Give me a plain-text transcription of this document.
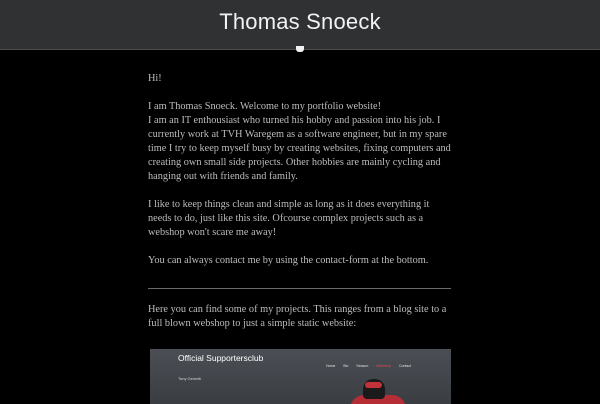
Thomas Snoeck

Hi!

I am Thomas Snoeck. Welcome to my portfolio website!
I am an IT enthousiast who turned his hobby and passion into his job. I currently work at TVH Waregem as a software engineer, but in my spare time I try to keep myself busy by creating websites, fixing computers and creating own small side projects. Other hobbies are mainly cycling and hanging out with friends and family.

I like to keep things clean and simple as long as it does everything it needs to do, just like this site. Ofcourse complex projects such as a webshop won't scare me away!

You can always contact me by using the contact-form at the bottom.

Here you can find some of my projects. This ranges from a blog site to a full blown webshop to just a simple static website:

Official Supportersclub
Tony Gemelli
Home Bio Season Webshop Contact
